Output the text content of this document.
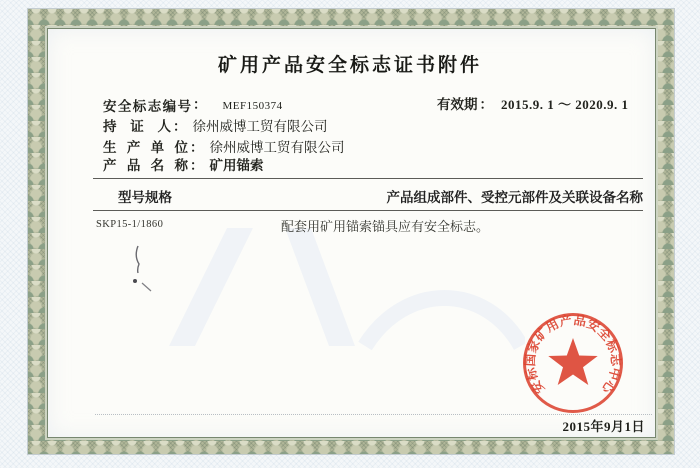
矿用产品安全标志证书附件
安全标志编号 ： MEF150374	有效期 ： 2015.9. 1 ～ 2020.9. 1
持证人 ： 徐州威博工贸有限公司
生产单位 ： 徐州威博工贸有限公司
产品名称 ： 矿用锚索
型号规格	产品组成部件、受控元部件及关联设备名称
SKP15-1/1860	配套用矿用锚索锚具应有安全标志。
2015年9月1日
安标国家矿用产品安全标志中心
